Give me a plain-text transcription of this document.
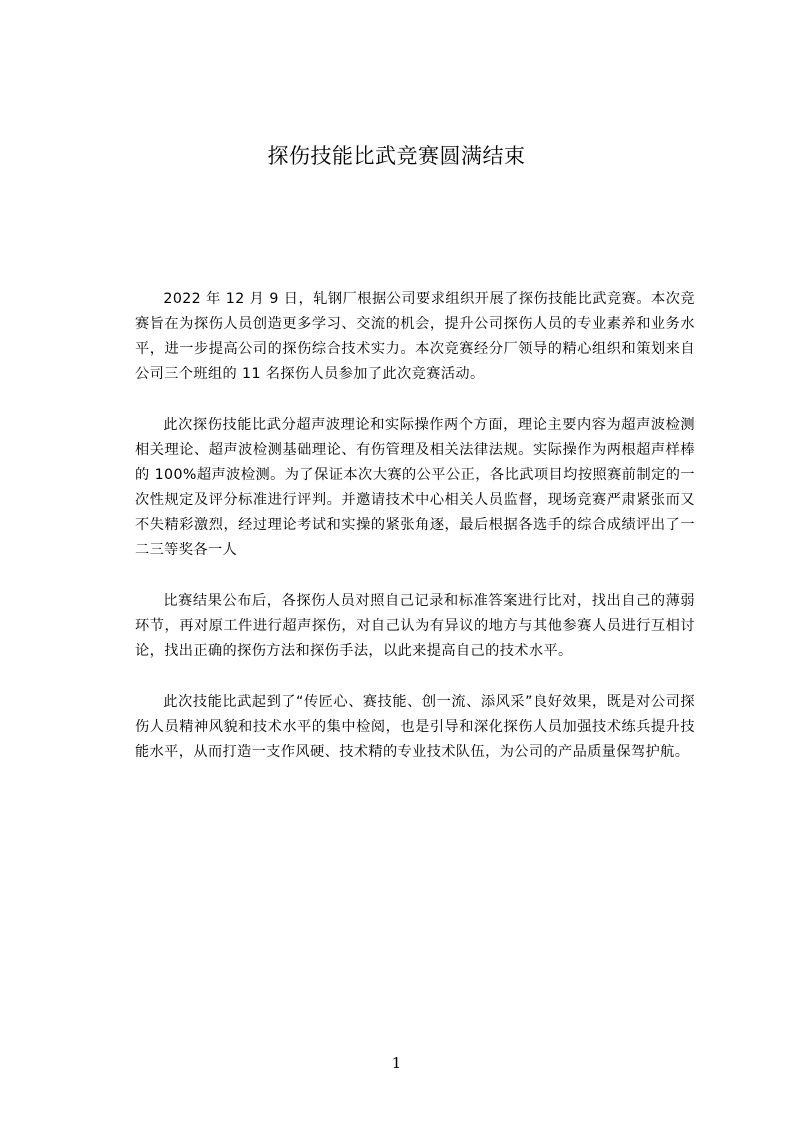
探伤技能比武竞赛圆满结束

2022 年 12 月 9 日，轧钢厂根据公司要求组织开展了探伤技能比武竞赛。本次竞赛旨在为探伤人员创造更多学习、交流的机会，提升公司探伤人员的专业素养和业务水平，进一步提高公司的探伤综合技术实力。本次竞赛经分厂领导的精心组织和策划来自公司三个班组的 11 名探伤人员参加了此次竞赛活动。

此次探伤技能比武分超声波理论和实际操作两个方面，理论主要内容为超声波检测相关理论、超声波检测基础理论、有伤管理及相关法律法规。实际操作为两根超声样棒的 100%超声波检测。为了保证本次大赛的公平公正，各比武项目均按照赛前制定的一次性规定及评分标准进行评判。并邀请技术中心相关人员监督，现场竞赛严肃紧张而又不失精彩激烈，经过理论考试和实操的紧张角逐，最后根据各选手的综合成绩评出了一二三等奖各一人

比赛结果公布后，各探伤人员对照自己记录和标准答案进行比对，找出自己的薄弱环节，再对原工件进行超声探伤，对自己认为有异议的地方与其他参赛人员进行互相讨论，找出正确的探伤方法和探伤手法，以此来提高自己的技术水平。

此次技能比武起到了“传匠心、赛技能、创一流、添风采”良好效果，既是对公司探伤人员精神风貌和技术水平的集中检阅，也是引导和深化探伤人员加强技术练兵提升技能水平，从而打造一支作风硬、技术精的专业技术队伍，为公司的产品质量保驾护航。

1
